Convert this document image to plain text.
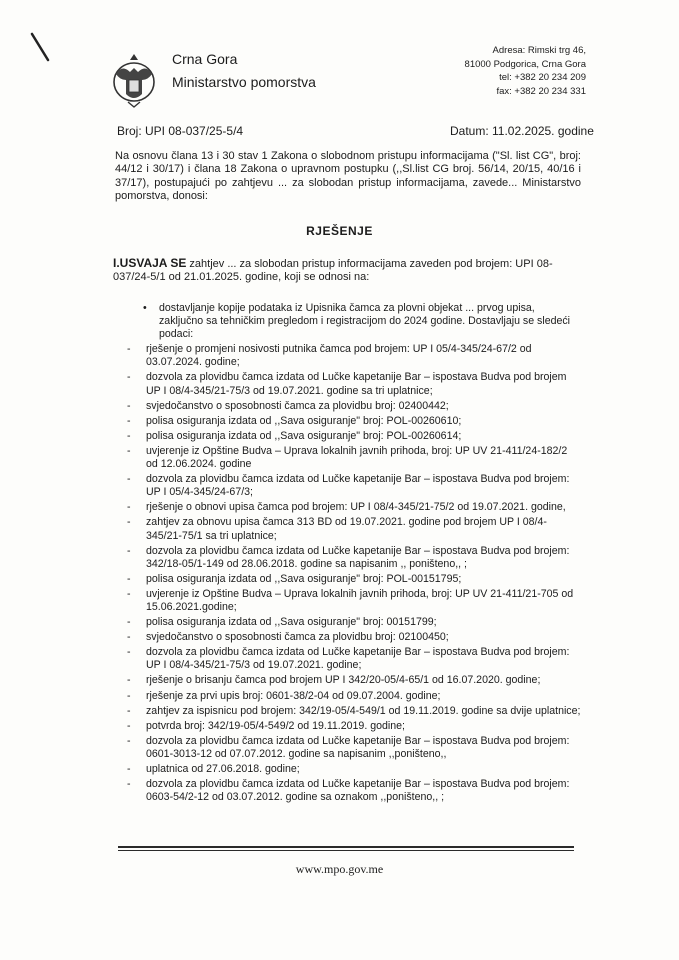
Crna Gora
Ministarstvo pomorstva
Adresa: Rimski trg 46,
81000 Podgorica, Crna Gora
tel: +382 20 234 209
fax: +382 20 234 331
Broj: UPI 08-037/25-5/4	Datum: 11.02.2025. godine
Na osnovu člana 13 i 30 stav 1 Zakona o slobodnom pristupu informacijama ("Sl. list CG", broj: 44/12 i 30/17) i člana 18 Zakona o upravnom postupku (,,Sl.list CG broj. 56/14, 20/15, 40/16 i 37/17), postupajući po zahtjevu ... za slobodan pristup informacijama, zavede... Ministarstvo pomorstva, donosi:
RJEŠENJE
I.USVAJA SE zahtjev ... za slobodan pristup informacijama zaveden pod brojem: UPI 08-037/24-5/1 od 21.01.2025. godine, koji se odnosi na:
• dostavljanje kopije podataka iz Upisnika čamca za plovni objekat ... prvog upisa, zaključno sa tehničkim pregledom i registracijom do 2024 godine. Dostavljaju se sledeći podaci:
- rješenje o promjeni nosivosti putnika čamca pod brojem: UP I 05/4-345/24-67/2 od 03.07.2024. godine;
- dozvola za plovidbu čamca izdata od Lučke kapetanije Bar – ispostava Budva pod brojem UP I 08/4-345/21-75/3 od 19.07.2021. godine sa tri uplatnice;
- svjedočanstvo o sposobnosti čamca za plovidbu broj: 02400442;
- polisa osiguranja izdata od ,,Sava osiguranje" broj: POL-00260610;
- polisa osiguranja izdata od ,,Sava osiguranje" broj: POL-00260614;
- uvjerenje iz Opštine Budva – Uprava lokalnih javnih prihoda, broj: UP UV 21-411/24-182/2 od 12.06.2024. godine
- dozvola za plovidbu čamca izdata od Lučke kapetanije Bar – ispostava Budva pod brojem: UP I 05/4-345/24-67/3;
- rješenje o obnovi upisa čamca pod brojem: UP I 08/4-345/21-75/2 od 19.07.2021. godine,
- zahtjev za obnovu upisa čamca 313 BD od 19.07.2021. godine pod brojem UP I 08/4-345/21-75/1 sa tri uplatnice;
- dozvola za plovidbu čamca izdata od Lučke kapetanije Bar – ispostava Budva pod brojem: 342/18-05/1-149 od 28.06.2018. godine sa napisanim ,, poništeno,, ;
- polisa osiguranja izdata od ,,Sava osiguranje" broj: POL-00151795;
- uvjerenje iz Opštine Budva – Uprava lokalnih javnih prihoda, broj: UP UV 21-411/21-705 od 15.06.2021.godine;
- polisa osiguranja izdata od ,,Sava osiguranje" broj: 00151799;
- svjedočanstvo o sposobnosti čamca za plovidbu broj: 02100450;
- dozvola za plovidbu čamca izdata od Lučke kapetanije Bar – ispostava Budva pod brojem: UP I 08/4-345/21-75/3 od 19.07.2021. godine;
- rješenje o brisanju čamca pod brojem UP I 342/20-05/4-65/1 od 16.07.2020. godine;
- rješenje za prvi upis broj: 0601-38/2-04 od 09.07.2004. godine;
- zahtjev za ispisnicu pod brojem: 342/19-05/4-549/1 od 19.11.2019. godine sa dvije uplatnice;
- potvrda broj: 342/19-05/4-549/2 od 19.11.2019. godine;
- dozvola za plovidbu čamca izdata od Lučke kapetanije Bar – ispostava Budva pod brojem: 0601-3013-12 od 07.07.2012. godine sa napisanim ,,poništeno,,
- uplatnica od 27.06.2018. godine;
- dozvola za plovidbu čamca izdata od Lučke kapetanije Bar – ispostava Budva pod brojem: 0603-54/2-12 od 03.07.2012. godine sa oznakom ,,poništeno,, ;
www.mpo.gov.me
